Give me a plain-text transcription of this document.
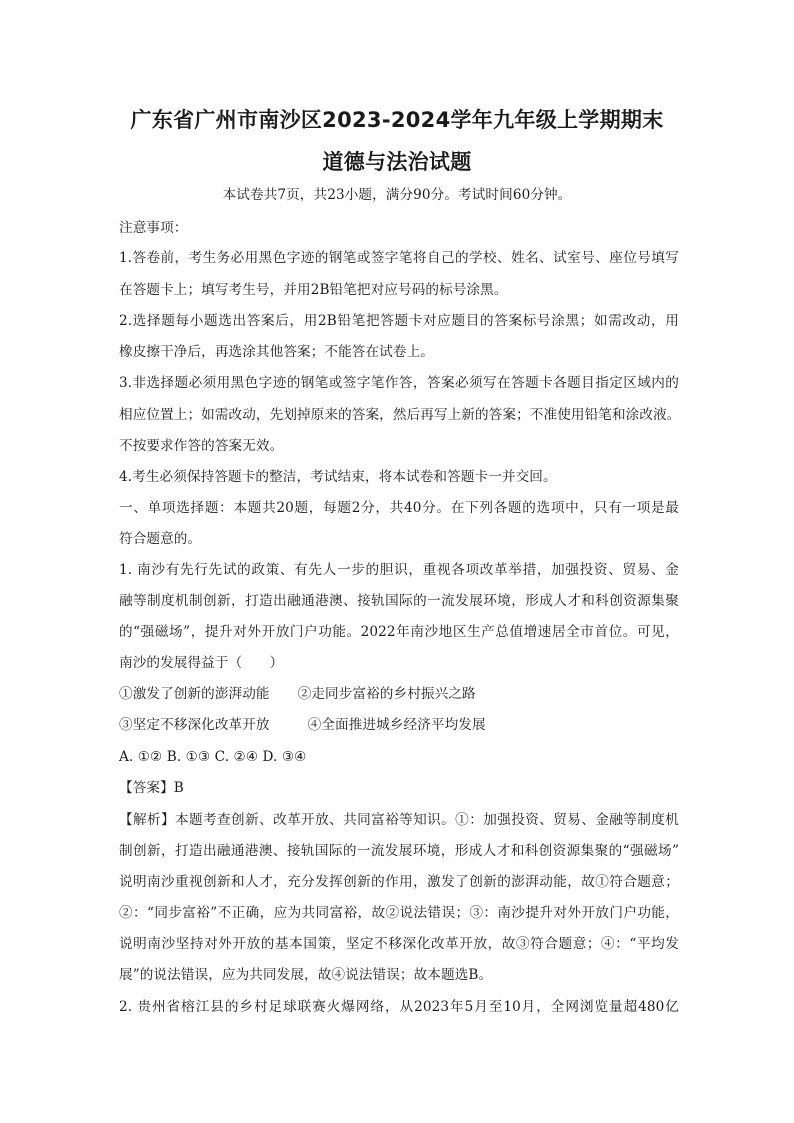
广东省广州市南沙区2023-2024学年九年级上学期期末
道德与法治试题
本试卷共7页，共23小题，满分90分。考试时间60分钟。
注意事项：
1.答卷前，考生务必用黑色字迹的钢笔或签字笔将自己的学校、姓名、试室号、座位号填写
在答题卡上；填写考生号，并用2B铅笔把对应号码的标号涂黑。
2.选择题每小题选出答案后，用2B铅笔把答题卡对应题目的答案标号涂黑；如需改动，用
橡皮擦干净后，再选涂其他答案；不能答在试卷上。
3.非选择题必须用黑色字迹的钢笔或签字笔作答，答案必须写在答题卡各题目指定区域内的
相应位置上；如需改动，先划掉原来的答案，然后再写上新的答案；不准使用铅笔和涂改液。
不按要求作答的答案无效。
4.考生必须保持答题卡的整洁，考试结束，将本试卷和答题卡一并交回。
一、单项选择题：本题共20题，每题2分，共40分。在下列各题的选项中，只有一项是最
符合题意的。
1. 南沙有先行先试的政策、有先人一步的胆识，重视各项改革举措，加强投资、贸易、金
融等制度机制创新，打造出融通港澳、接轨国际的一流发展环境，形成人才和科创资源集聚
的“强磁场”，提升对外开放门户功能。2022年南沙地区生产总值增速居全市首位。可见，
南沙的发展得益于（　　）
①激发了创新的澎湃动能 ②走同步富裕的乡村振兴之路
③坚定不移深化改革开放	④全面推进城乡经济平均发展
A. ①② B. ①③ C. ②④ D. ③④
【答案】B
【解析】本题考查创新、改革开放、共同富裕等知识。①：加强投资、贸易、金融等制度机
制创新，打造出融通港澳、接轨国际的一流发展环境，形成人才和科创资源集聚的“强磁场”
说明南沙重视创新和人才，充分发挥创新的作用，激发了创新的澎湃动能，故①符合题意；
②：“同步富裕”不正确，应为共同富裕，故②说法错误；③：南沙提升对外开放门户功能，
说明南沙坚持对外开放的基本国策，坚定不移深化改革开放，故③符合题意；④：“平均发
展”的说法错误，应为共同发展，故④说法错误；故本题选B。
2. 贵州省榕江县的乡村足球联赛火爆网络，从2023年5月至10月，全网浏览量超480亿
